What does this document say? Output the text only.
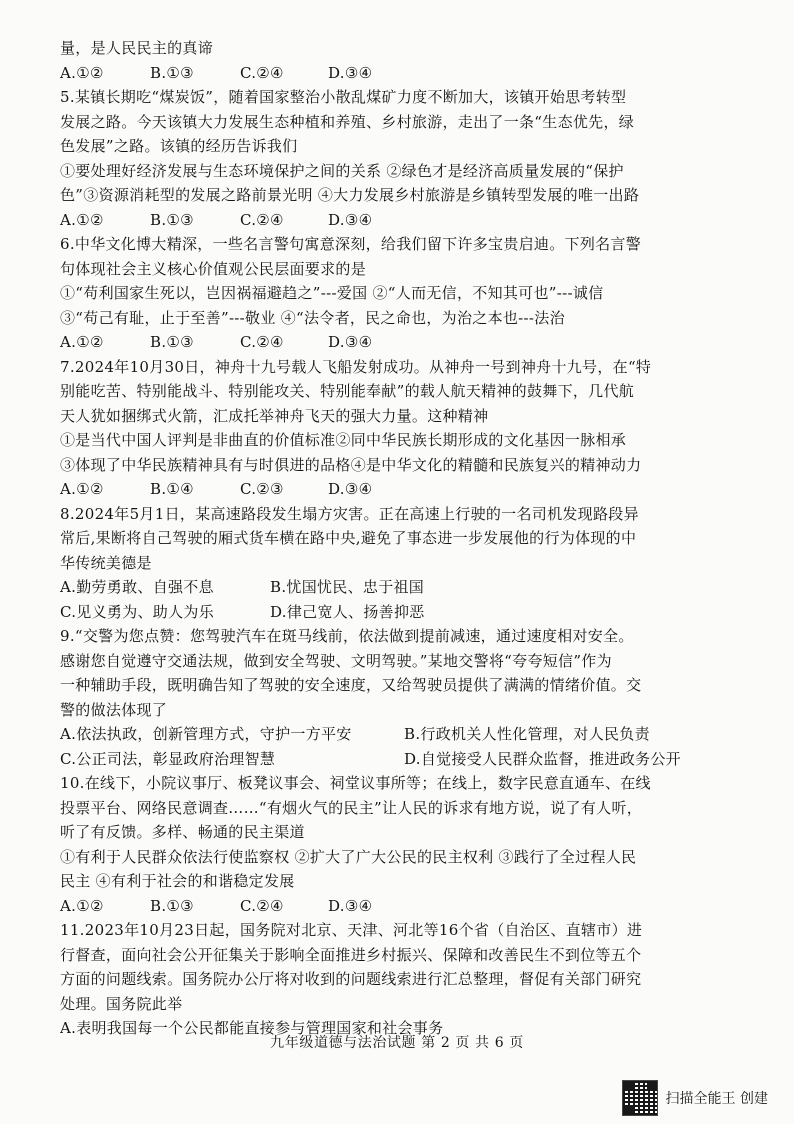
量，是人民民主的真谛
A.①②	B.①③	C.②④	D.③④
5.某镇长期吃“煤炭饭”，随着国家整治小散乱煤矿力度不断加大，该镇开始思考转型
发展之路。今天该镇大力发展生态种植和养殖、乡村旅游，走出了一条“生态优先，绿
色发展”之路。该镇的经历告诉我们
①要处理好经济发展与生态环境保护之间的关系 ②绿色才是经济高质量发展的“保护
色”③资源消耗型的发展之路前景光明 ④大力发展乡村旅游是乡镇转型发展的唯一出路
A.①②	B.①③	C.②④	D.③④
6.中华文化博大精深，一些名言警句寓意深刻，给我们留下许多宝贵启迪。下列名言警
句体现社会主义核心价值观公民层面要求的是
①“苟利国家生死以，岂因祸福避趋之”---爱国 ②“人而无信，不知其可也”---诚信
③“苟己有耻，止于至善”---敬业 ④“法令者，民之命也，为治之本也---法治
A.①②	B.①③	C.②④	D.③④
7.2024年10月30日，神舟十九号载人飞船发射成功。从神舟一号到神舟十九号，在“特
别能吃苦、特别能战斗、特别能攻关、特别能奉献”的载人航天精神的鼓舞下，几代航
天人犹如捆绑式火箭，汇成托举神舟飞天的强大力量。这种精神
①是当代中国人评判是非曲直的价值标准②同中华民族长期形成的文化基因一脉相承
③体现了中华民族精神具有与时俱进的品格④是中华文化的精髓和民族复兴的精神动力
A.①②	B.①④	C.②③	D.③④
8.2024年5月1日，某高速路段发生塌方灾害。正在高速上行驶的一名司机发现路段异
常后,果断将自己驾驶的厢式货车横在路中央,避免了事态进一步发展他的行为体现的中
华传统美德是
A.勤劳勇敢、自强不息	B.忧国忧民、忠于祖国
C.见义勇为、助人为乐	D.律己宽人、扬善抑恶
9.“交警为您点赞：您驾驶汽车在斑马线前，依法做到提前减速，通过速度相对安全。
感谢您自觉遵守交通法规，做到安全驾驶、文明驾驶。”某地交警将“夸夸短信”作为
一种辅助手段，既明确告知了驾驶的安全速度，又给驾驶员提供了满满的情绪价值。交
警的做法体现了
A.依法执政，创新管理方式，守护一方平安	B.行政机关人性化管理，对人民负责
C.公正司法，彰显政府治理智慧	D.自觉接受人民群众监督，推进政务公开
10.在线下，小院议事厅、板凳议事会、祠堂议事所等；在线上，数字民意直通车、在线
投票平台、网络民意调查……“有烟火气的民主”让人民的诉求有地方说，说了有人听，
听了有反馈。多样、畅通的民主渠道
①有利于人民群众依法行使监察权 ②扩大了广大公民的民主权利 ③践行了全过程人民
民主 ④有利于社会的和谐稳定发展
A.①②	B.①③	C.②④	D.③④
11.2023年10月23日起，国务院对北京、天津、河北等16个省（自治区、直辖市）进
行督查，面向社会公开征集关于影响全面推进乡村振兴、保障和改善民生不到位等五个
方面的问题线索。国务院办公厅将对收到的问题线索进行汇总整理，督促有关部门研究
处理。国务院此举
A.表明我国每一个公民都能直接参与管理国家和社会事务
九年级道德与法治试题 第 2 页 共 6 页
扫描全能王 创建
